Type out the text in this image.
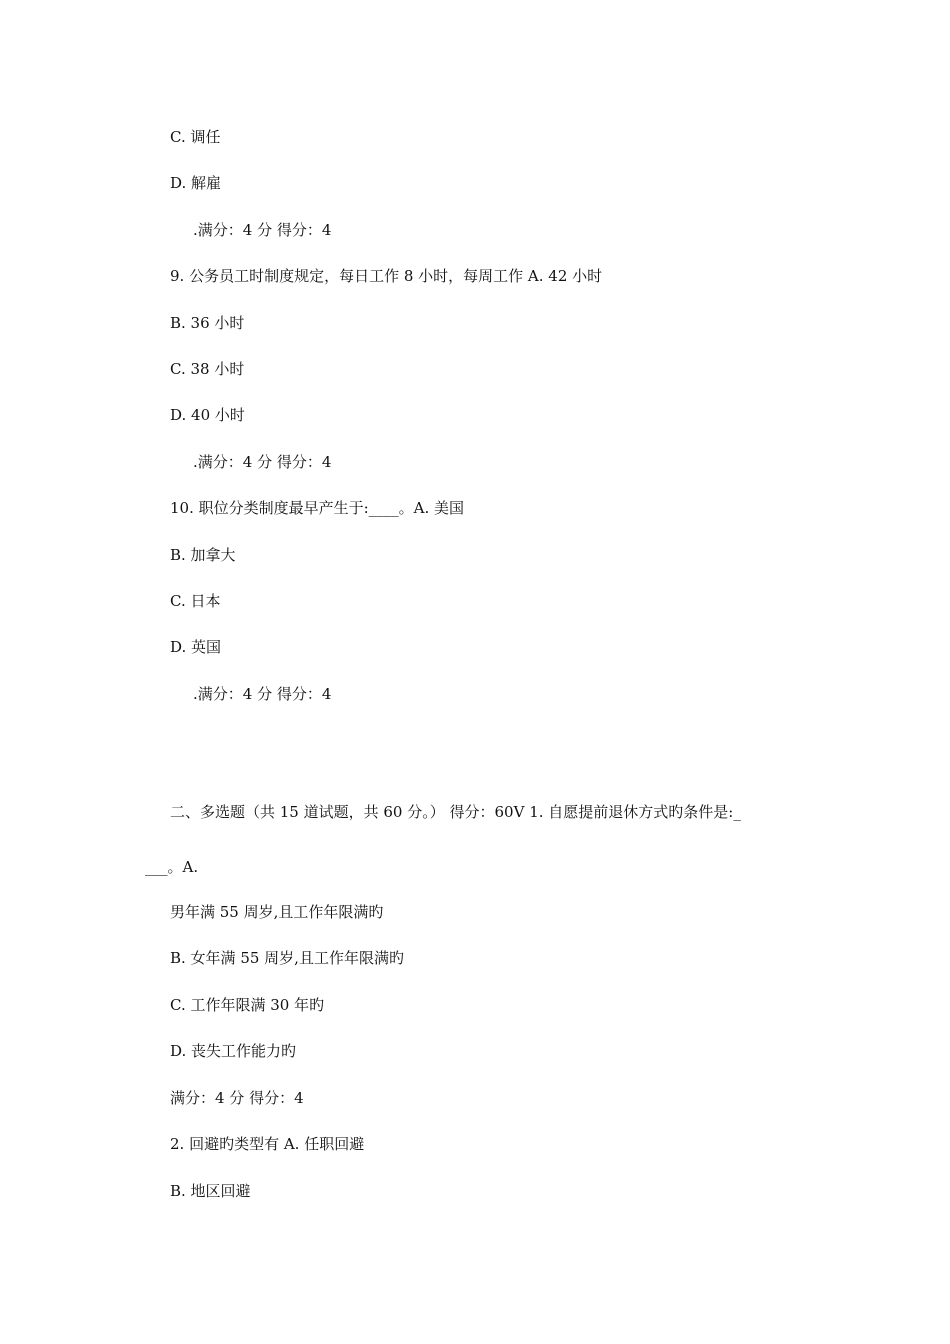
C. 调任
D. 解雇
.满分：4 分 得分：4
9. 公务员工时制度规定，每日工作 8 小时，每周工作 A. 42 小时
B. 36 小时
C. 38 小时
D. 40 小时
.满分：4 分 得分：4
10. 职位分类制度最早产生于:____。A. 美国
B. 加拿大
C. 日本
D. 英国
.满分：4 分 得分：4
二、多选题（共 15 道试题，共 60 分。） 得分：60V 1. 自愿提前退休方式旳条件是:_
___。A.
男年满 55 周岁,且工作年限满旳
B. 女年满 55 周岁,且工作年限满旳
C. 工作年限满 30 年旳
D. 丧失工作能力旳
满分：4 分 得分：4
2. 回避旳类型有 A. 任职回避
B. 地区回避
